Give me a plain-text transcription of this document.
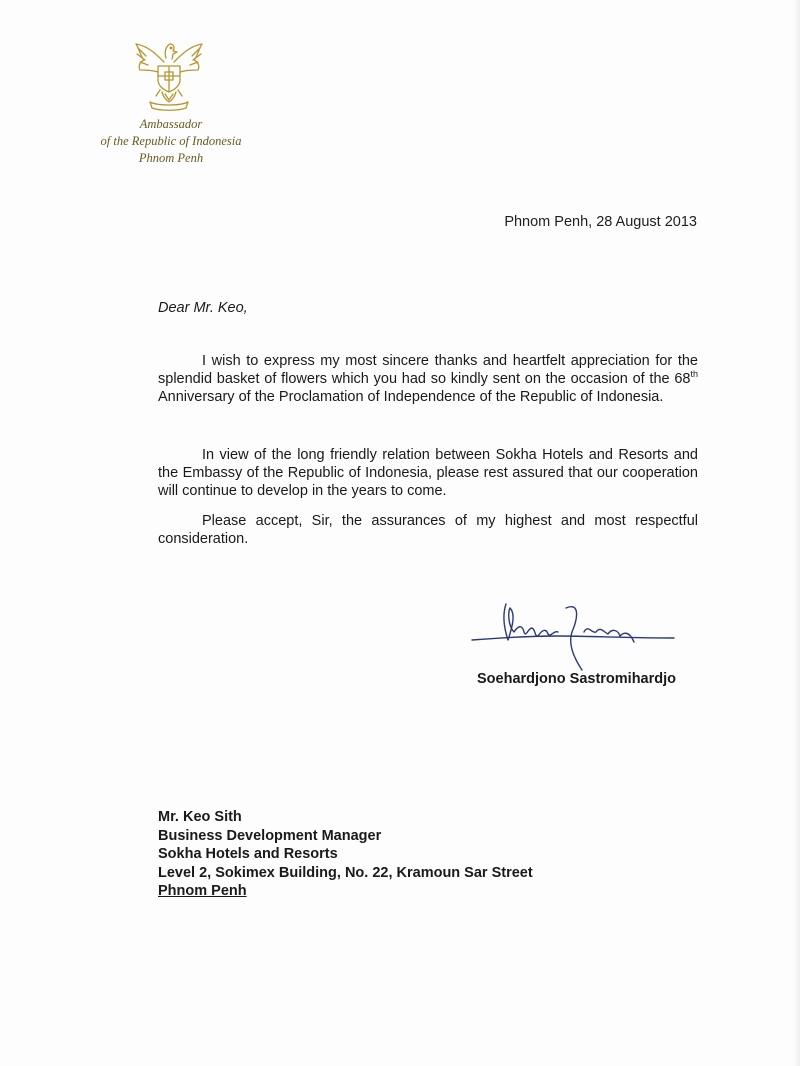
Ambassador
of the Republic of Indonesia
Phnom Penh
Phnom Penh, 28 August 2013
Dear Mr. Keo,

I wish to express my most sincere thanks and heartfelt appreciation for the splendid basket of flowers which you had so kindly sent on the occasion of the 68th Anniversary of the Proclamation of Independence of the Republic of Indonesia.

In view of the long friendly relation between Sokha Hotels and Resorts and the Embassy of the Republic of Indonesia, please rest assured that our cooperation will continue to develop in the years to come.

Please accept, Sir, the assurances of my highest and most respectful consideration.

Soehardjono Sastromihardjo
Mr. Keo Sith
Business Development Manager
Sokha Hotels and Resorts
Level 2, Sokimex Building, No. 22, Kramoun Sar Street
Phnom Penh
